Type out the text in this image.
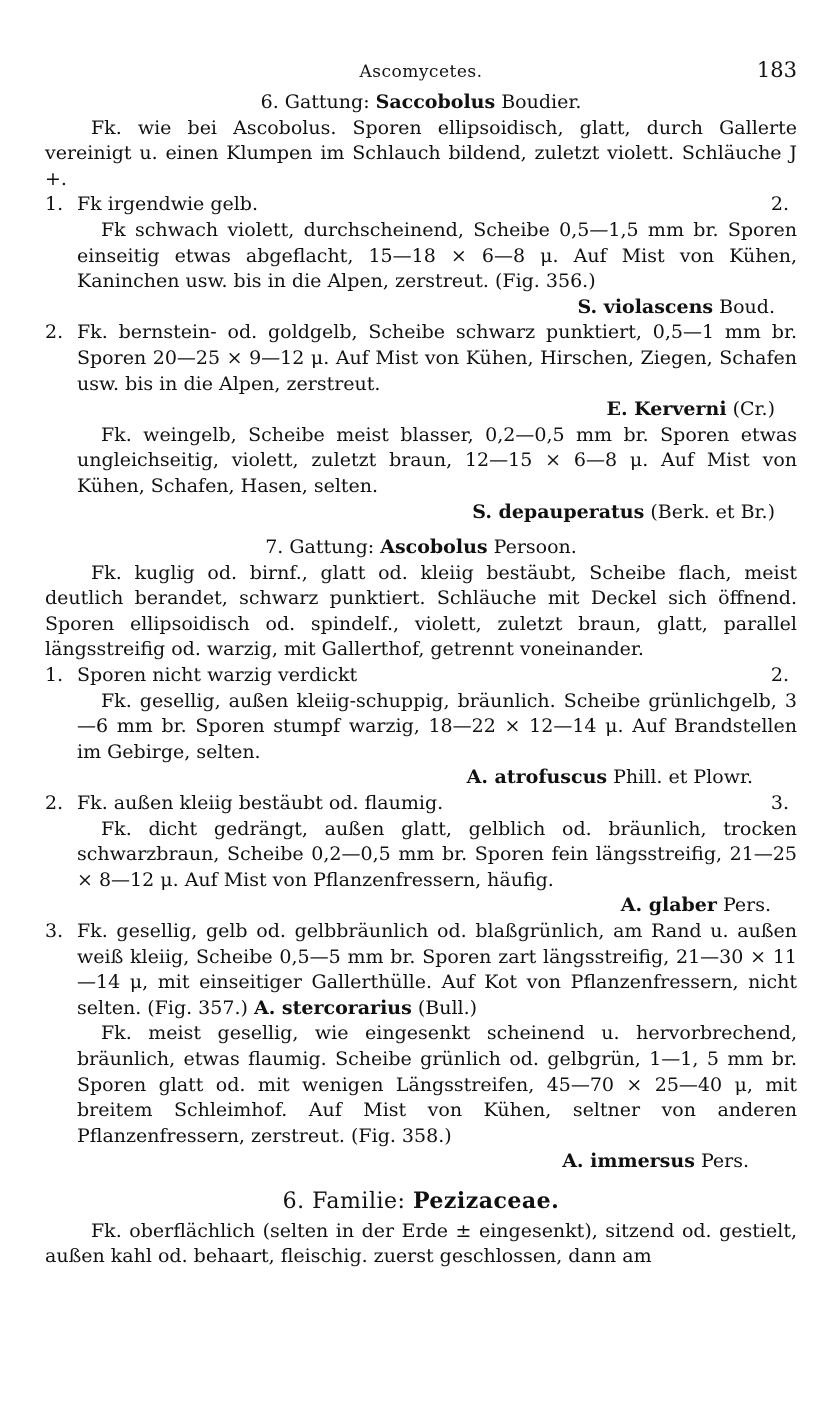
Ascomycetes.	183

6. Gattung: Saccobolus Boudier.

Fk. wie bei Ascobolus. Sporen ellipsoidisch, glatt, durch Gallerte vereinigt u. einen Klumpen im Schlauch bildend, zuletzt violett. Schläuche J +.

1. Fk irgendwie gelb.	2.

Fk schwach violett, durchscheinend, Scheibe 0,5—1,5 mm br. Sporen einseitig etwas abgeflacht, 15—18 × 6—8 μ. Auf Mist von Kühen, Kaninchen usw. bis in die Alpen, zerstreut. (Fig. 356.)

S. violascens Boud.

2. Fk. bernstein- od. goldgelb, Scheibe schwarz punktiert, 0,5—1 mm br. Sporen 20—25 × 9—12 μ. Auf Mist von Kühen, Hirschen, Ziegen, Schafen usw. bis in die Alpen, zerstreut.

E. Kerverni (Cr.)

Fk. weingelb, Scheibe meist blasser, 0,2—0,5 mm br. Sporen etwas ungleichseitig, violett, zuletzt braun, 12—15 × 6—8 μ. Auf Mist von Kühen, Schafen, Hasen, selten.

S. depauperatus (Berk. et Br.)

7. Gattung: Ascobolus Persoon.

Fk. kuglig od. birnf., glatt od. kleiig bestäubt, Scheibe flach, meist deutlich berandet, schwarz punktiert. Schläuche mit Deckel sich öffnend. Sporen ellipsoidisch od. spindelf., violett, zuletzt braun, glatt, parallel längsstreifig od. warzig, mit Gallerthof, getrennt voneinander.

1. Sporen nicht warzig verdickt	2.

Fk. gesellig, außen kleiig-schuppig, bräunlich. Scheibe grünlichgelb, 3—6 mm br. Sporen stumpf warzig, 18—22 × 12—14 μ. Auf Brandstellen im Gebirge, selten.

A. atrofuscus Phill. et Plowr.

2. Fk. außen kleiig bestäubt od. flaumig.	3.

Fk. dicht gedrängt, außen glatt, gelblich od. bräunlich, trocken schwarzbraun, Scheibe 0,2—0,5 mm br. Sporen fein längsstreifig, 21—25 × 8—12 μ. Auf Mist von Pflanzenfressern, häufig.

A. glaber Pers.

3. Fk. gesellig, gelb od. gelbbräunlich od. blaßgrünlich, am Rand u. außen weiß kleiig, Scheibe 0,5—5 mm br. Sporen zart längsstreifig, 21—30 × 11—14 μ, mit einseitiger Gallerthülle. Auf Kot von Pflanzenfressern, nicht selten. (Fig. 357.) A. stercorarius (Bull.)

Fk. meist gesellig, wie eingesenkt scheinend u. hervorbrechend, bräunlich, etwas flaumig. Scheibe grünlich od. gelbgrün, 1—1, 5 mm br. Sporen glatt od. mit wenigen Längsstreifen, 45—70 × 25—40 μ, mit breitem Schleimhof. Auf Mist von Kühen, seltner von anderen Pflanzenfressern, zerstreut. (Fig. 358.)

A. immersus Pers.

6. Familie: Pezizaceae.

Fk. oberflächlich (selten in der Erde ± eingesenkt), sitzend od. gestielt, außen kahl od. behaart, fleischig. zuerst geschlossen, dann am
